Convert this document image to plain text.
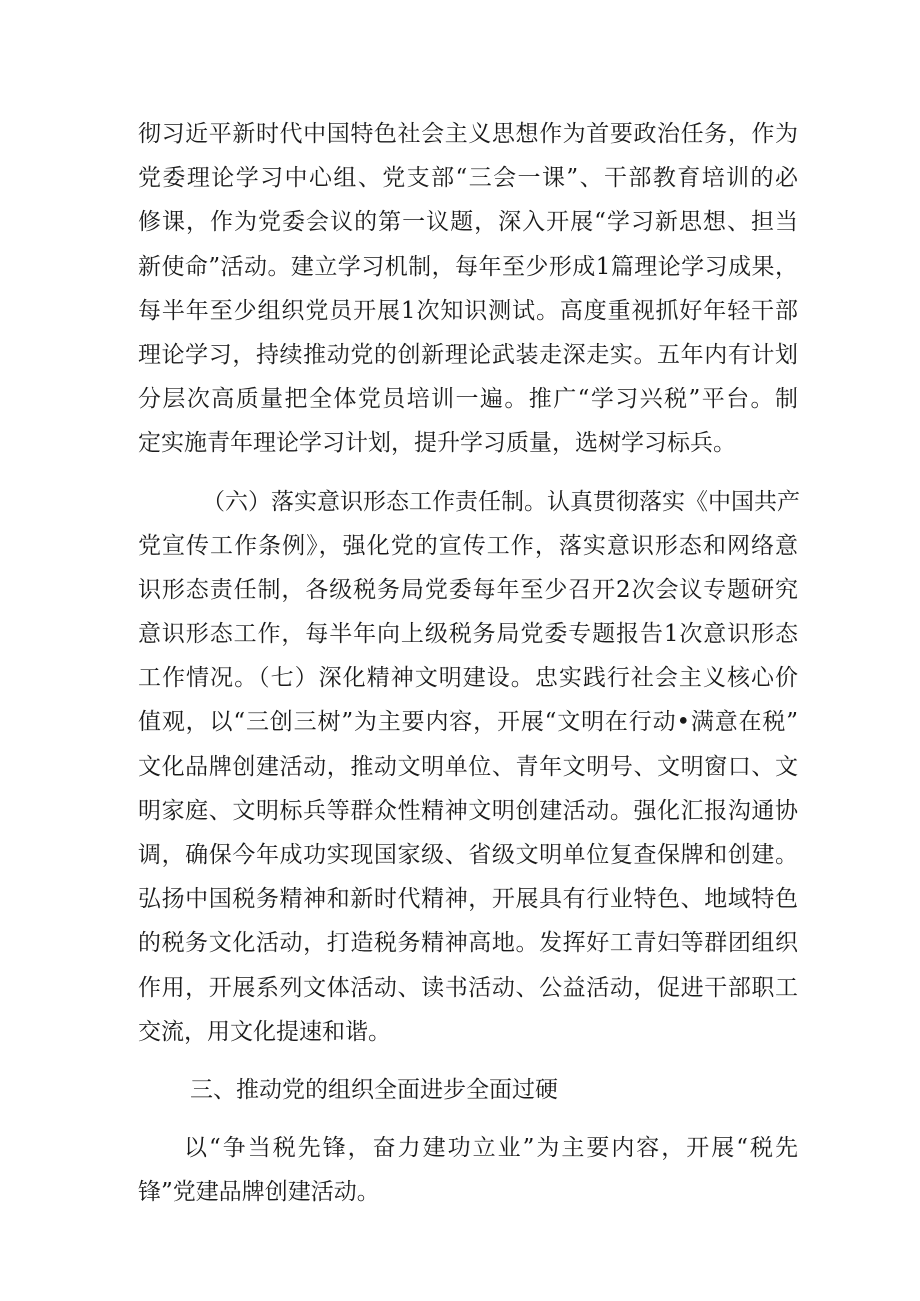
彻习近平新时代中国特色社会主义思想作为首要政治任务，作为
党委理论学习中心组、党支部“三会一课”、干部教育培训的必
修课，作为党委会议的第一议题，深入开展“学习新思想、担当
新使命”活动。建立学习机制，每年至少形成1篇理论学习成果，
每半年至少组织党员开展1次知识测试。高度重视抓好年轻干部
理论学习，持续推动党的创新理论武装走深走实。五年内有计划
分层次高质量把全体党员培训一遍。推广“学习兴税”平台。制
定实施青年理论学习计划，提升学习质量，选树学习标兵。
（六）落实意识形态工作责任制。认真贯彻落实《中国共产
党宣传工作条例》，强化党的宣传工作，落实意识形态和网络意
识形态责任制，各级税务局党委每年至少召开2次会议专题研究
意识形态工作，每半年向上级税务局党委专题报告1次意识形态
工作情况。（七）深化精神文明建设。忠实践行社会主义核心价
值观，以“三创三树”为主要内容，开展“文明在行动•满意在税”
文化品牌创建活动，推动文明单位、青年文明号、文明窗口、文
明家庭、文明标兵等群众性精神文明创建活动。强化汇报沟通协
调，确保今年成功实现国家级、省级文明单位复查保牌和创建。
弘扬中国税务精神和新时代精神，开展具有行业特色、地域特色
的税务文化活动，打造税务精神高地。发挥好工青妇等群团组织
作用，开展系列文体活动、读书活动、公益活动，促进干部职工
交流，用文化提速和谐。
三、推动党的组织全面进步全面过硬
以“争当税先锋，奋力建功立业”为主要内容，开展“税先
锋”党建品牌创建活动。
